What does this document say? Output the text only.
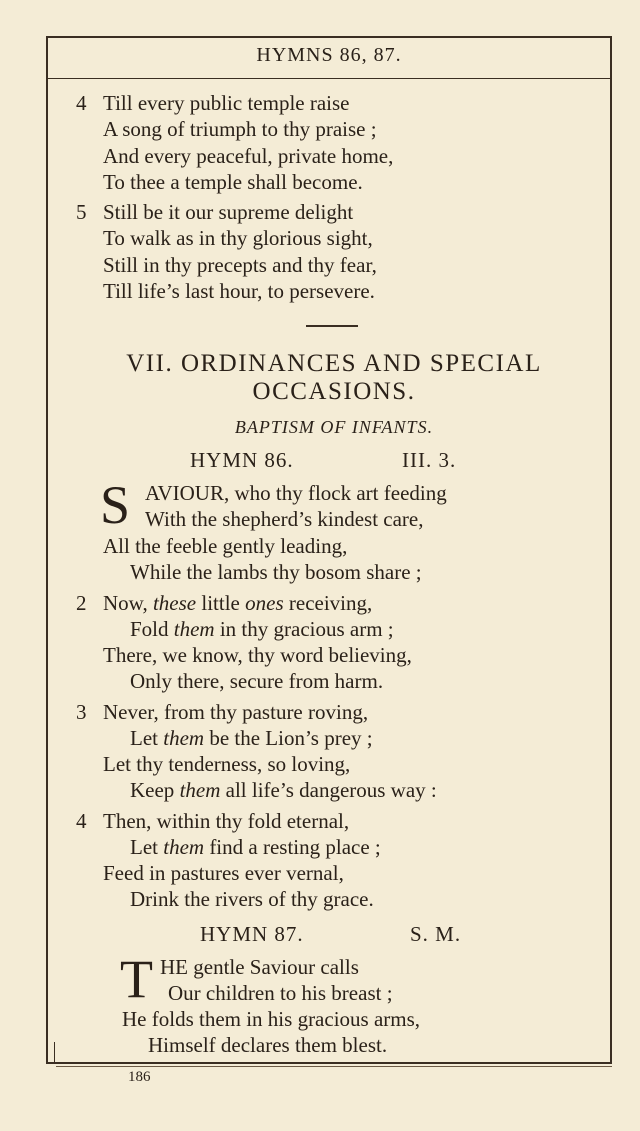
HYMNS 86, 87.
4 Till every public temple raise
A song of triumph to thy praise ;
And every peaceful, private home,
To thee a temple shall become.
5 Still be it our supreme delight
To walk as in thy glorious sight,
Still in thy precepts and thy fear,
Till life’s last hour, to persevere.
VII. ORDINANCES AND SPECIAL
OCCASIONS.
BAPTISM OF INFANTS.
HYMN 86.	III. 3.
S AVIOUR, who thy flock art feeding
With the shepherd’s kindest care,
All the feeble gently leading,
While the lambs thy bosom share ;
2 Now, these little ones receiving,
Fold them in thy gracious arm ;
There, we know, thy word believing,
Only there, secure from harm.
3 Never, from thy pasture roving,
Let them be the Lion’s prey ;
Let thy tenderness, so loving,
Keep them all life’s dangerous way :
4 Then, within thy fold eternal,
Let them find a resting place ;
Feed in pastures ever vernal,
Drink the rivers of thy grace.
HYMN 87.	S. M.
T HE gentle Saviour calls
Our children to his breast ;
He folds them in his gracious arms,
Himself declares them blest.
186
